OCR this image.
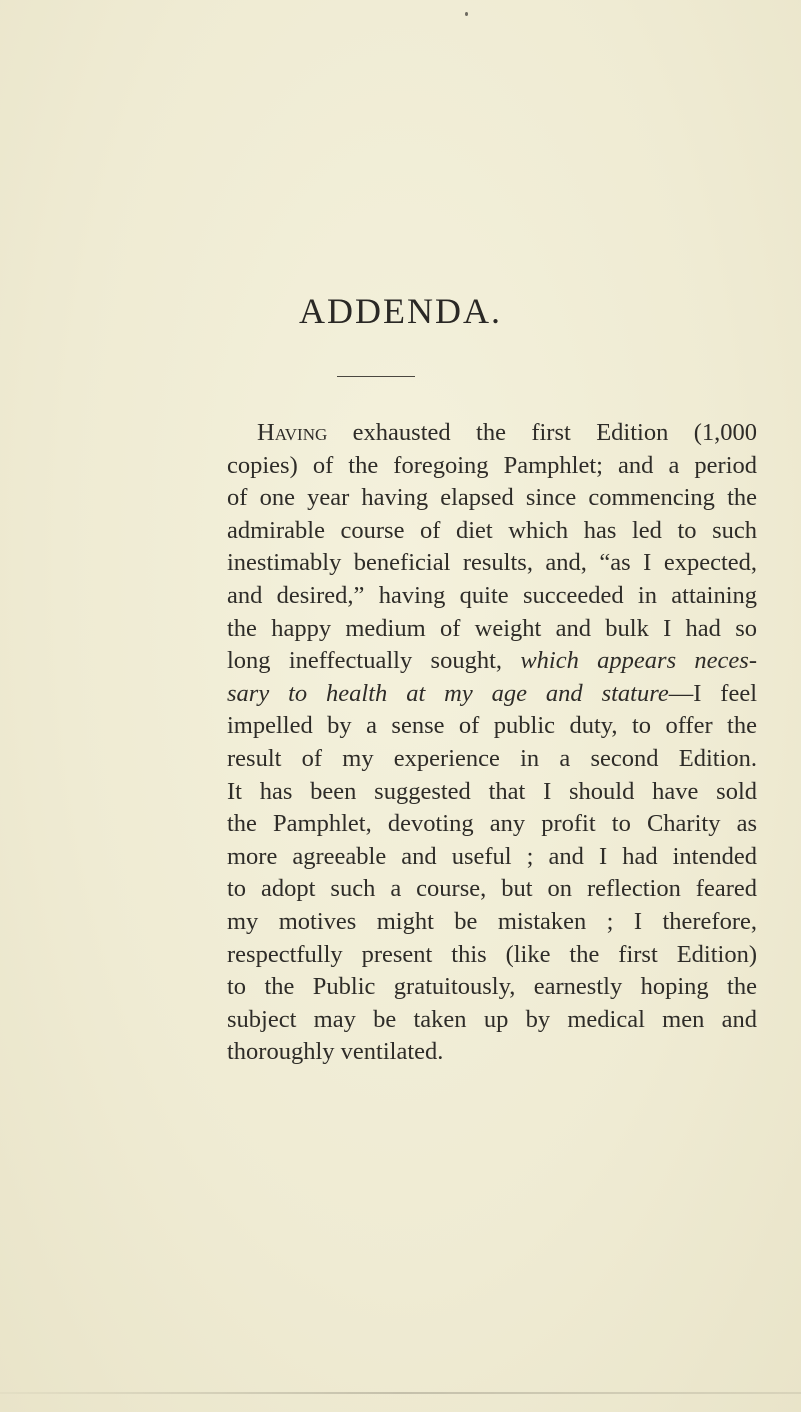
ADDENDA.
Having exhausted the first Edition (1,000
copies) of the foregoing Pamphlet; and a period
of one year having elapsed since commencing the
admirable course of diet which has led to such
inestimably beneficial results, and, “as I expected,
and desired,” having quite succeeded in attaining
the happy medium of weight and bulk I had so
long ineffectually sought, which appears neces-
sary to health at my age and stature—I feel
impelled by a sense of public duty, to offer the
result of my experience in a second Edition.
It has been suggested that I should have sold
the Pamphlet, devoting any profit to Charity as
more agreeable and useful ; and I had intended
to adopt such a course, but on reflection feared
my motives might be mistaken ; I therefore,
respectfully present this (like the first Edition)
to the Public gratuitously, earnestly hoping the
subject may be taken up by medical men and
thoroughly ventilated.
